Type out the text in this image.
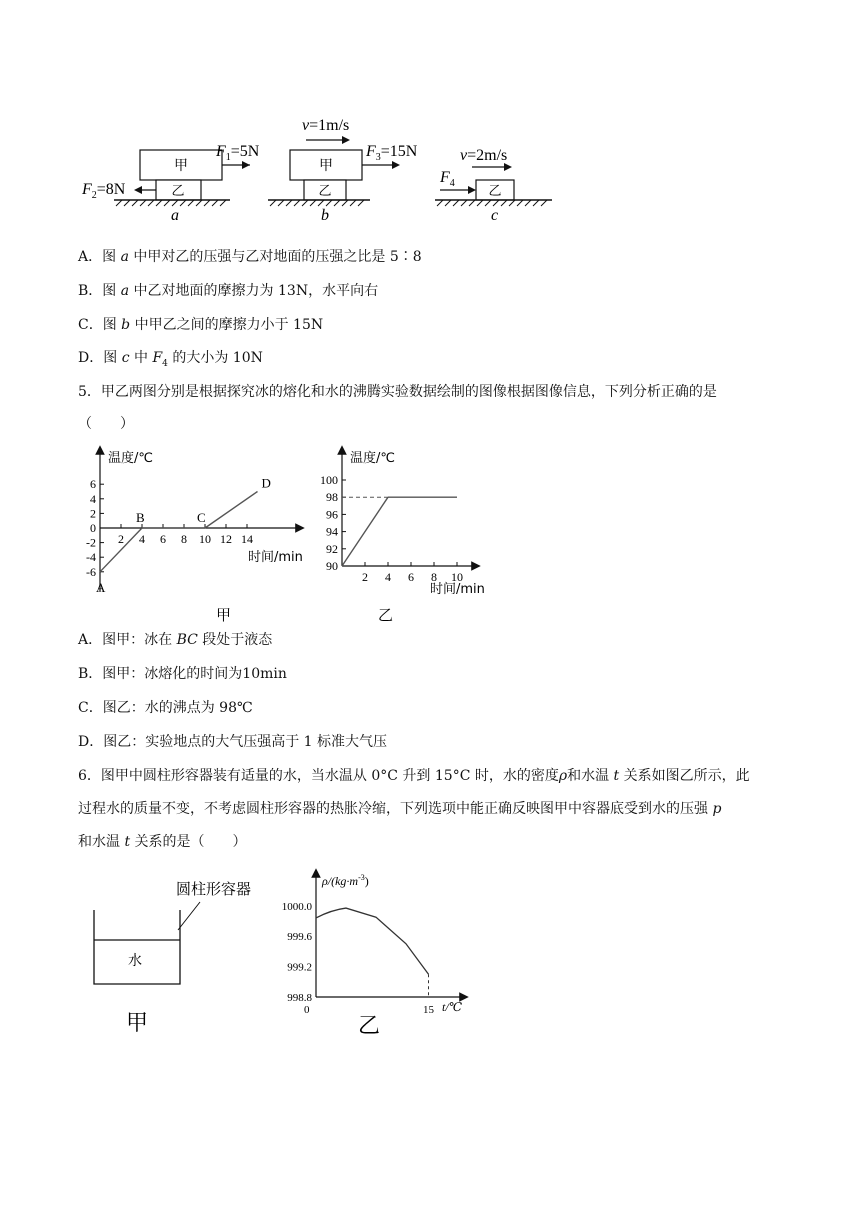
甲
乙
$F_1=5N$
$F_2=8N$
a
甲
乙
v=1m/s
$F_3=15N$
b
乙
v=2m/s
$F_4$
c
A．图 a 中甲对乙的压强与乙对地面的压强之比是 5∶8
B．图 a 中乙对地面的摩擦力为 13N，水平向右
C．图 b 中甲乙之间的摩擦力小于 15N
D．图 c 中 $F_4$ 的大小为 10N
5．甲乙两图分别是根据探究冰的熔化和水的沸腾实验数据绘制的图像根据图像信息，下列分析正确的是
（　　）
温度/℃
时间/min
6
4
2
0
-2
-4
-6
2 4 6 8 10 12 14
A
B	C
D
甲
温度/℃
时间/min
100
98
96
94
92
90
2 4 6 8 10
乙
A．图甲：冰在 BC 段处于液态
B．图甲：冰熔化的时间为10min
C．图乙：水的沸点为 98℃
D．图乙：实验地点的大气压强高于 1 标准大气压
6．图甲中圆柱形容器装有适量的水，当水温从 0°C 升到 15°C 时，水的密度ρ和水温 t 关系如图乙所示，此
过程水的质量不变，不考虑圆柱形容器的热胀冷缩，下列选项中能正确反映图甲中容器底受到水的压强 p
和水温 t 关系的是（　　）
圆柱形容器
水
甲
$\rho/(kg\cdot m^{-3})$
t/℃
0
1000.0
999.6
999.2
998.8
15
乙
